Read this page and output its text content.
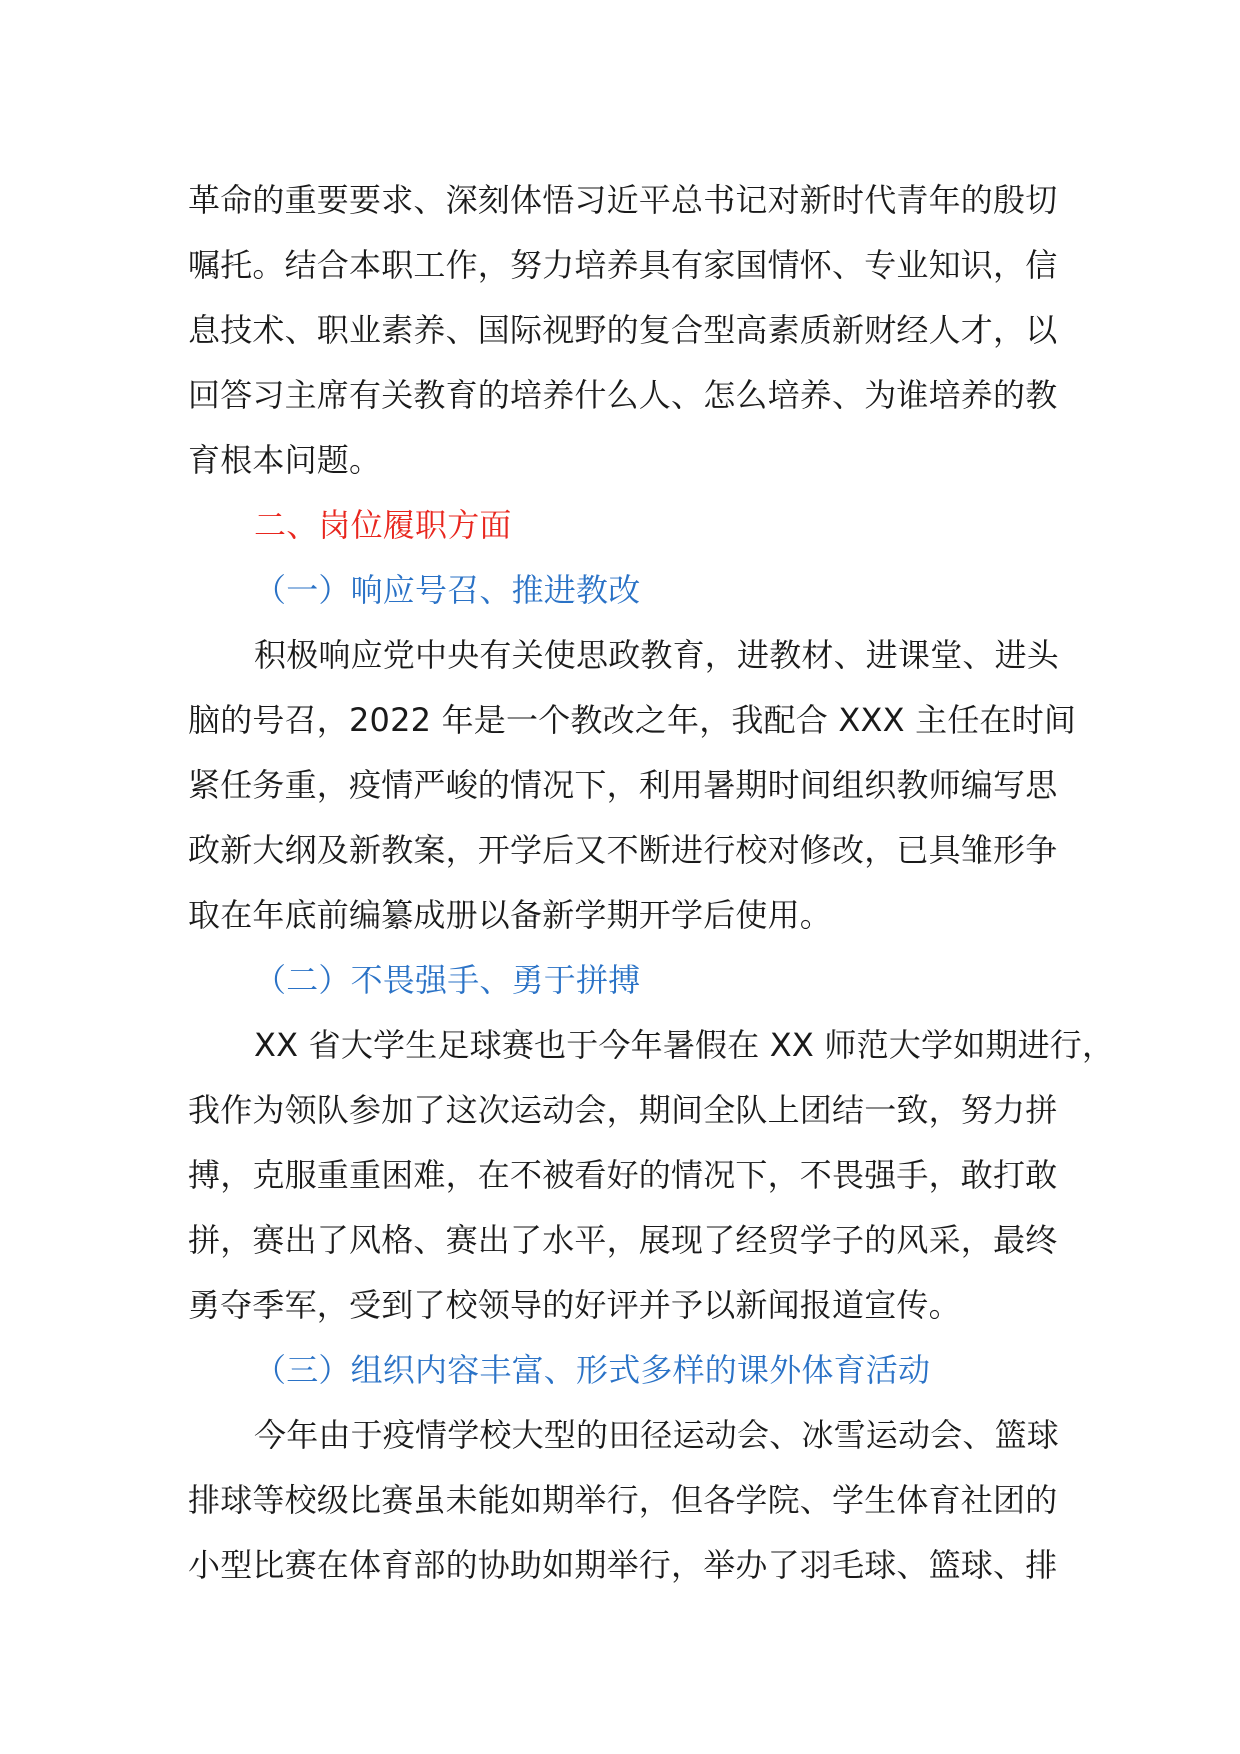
革命的重要要求、深刻体悟习近平总书记对新时代青年的殷切
嘱托。结合本职工作，努力培养具有家国情怀、专业知识，信
息技术、职业素养、国际视野的复合型高素质新财经人才，以
回答习主席有关教育的培养什么人、怎么培养、为谁培养的教
育根本问题。
二、岗位履职方面
（一）响应号召、推进教改
积极响应党中央有关使思政教育，进教材、进课堂、进头
脑的号召，2022 年是一个教改之年，我配合 XXX 主任在时间
紧任务重，疫情严峻的情况下，利用暑期时间组织教师编写思
政新大纲及新教案，开学后又不断进行校对修改，已具雏形争
取在年底前编纂成册以备新学期开学后使用。
（二）不畏强手、勇于拼搏
XX 省大学生足球赛也于今年暑假在 XX 师范大学如期进行，
我作为领队参加了这次运动会，期间全队上团结一致，努力拼
搏，克服重重困难，在不被看好的情况下，不畏强手，敢打敢
拼，赛出了风格、赛出了水平，展现了经贸学子的风采，最终
勇夺季军，受到了校领导的好评并予以新闻报道宣传。
（三）组织内容丰富、形式多样的课外体育活动
今年由于疫情学校大型的田径运动会、冰雪运动会、篮球
排球等校级比赛虽未能如期举行，但各学院、学生体育社团的
小型比赛在体育部的协助如期举行，举办了羽毛球、篮球、排
